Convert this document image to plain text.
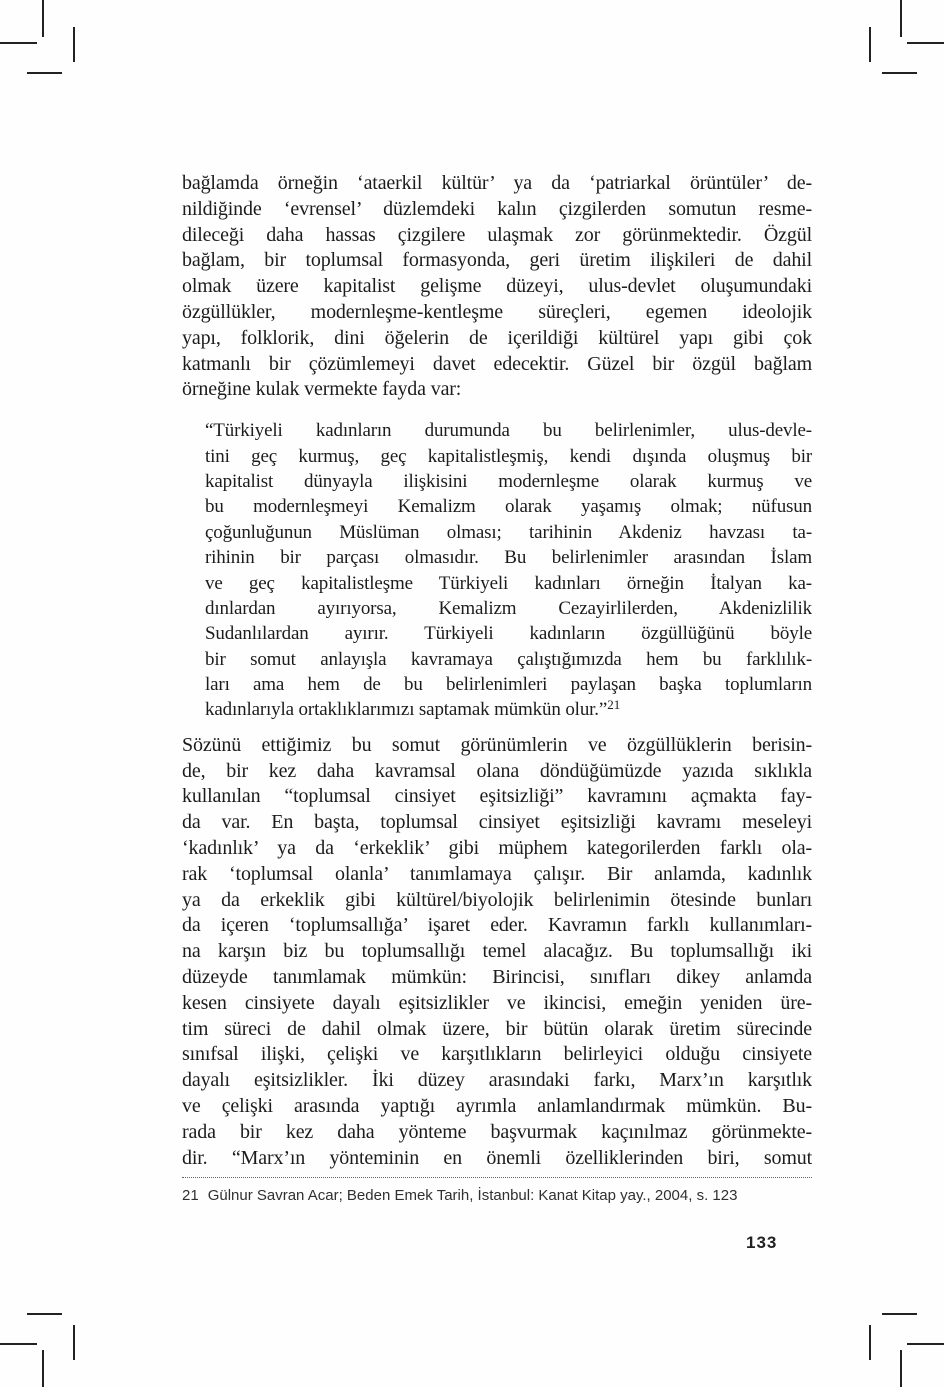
bağlamda örneğin ‘ataerkil kültür’ ya da ‘patriarkal örüntüler’ de-
nildiğinde ‘evrensel’ düzlemdeki kalın çizgilerden somutun resme-
dileceği daha hassas çizgilere ulaşmak zor görünmektedir. Özgül
bağlam, bir toplumsal formasyonda, geri üretim ilişkileri de dahil
olmak üzere kapitalist gelişme düzeyi, ulus-devlet oluşumundaki
özgüllükler, modernleşme-kentleşme süreçleri, egemen ideolojik
yapı, folklorik, dini öğelerin de içerildiği kültürel yapı gibi çok
katmanlı bir çözümlemeyi davet edecektir. Güzel bir özgül bağlam
örneğine kulak vermekte fayda var:
“Türkiyeli kadınların durumunda bu belirlenimler, ulus-devle-
tini geç kurmuş, geç kapitalistleşmiş, kendi dışında oluşmuş bir
kapitalist dünyayla ilişkisini modernleşme olarak kurmuş ve
bu modernleşmeyi Kemalizm olarak yaşamış olmak; nüfusun
çoğunluğunun Müslüman olması; tarihinin Akdeniz havzası ta-
rihinin bir parçası olmasıdır. Bu belirlenimler arasından İslam
ve geç kapitalistleşme Türkiyeli kadınları örneğin İtalyan ka-
dınlardan ayırıyorsa, Kemalizm Cezayirlilerden, Akdenizlilik
Sudanlılardan ayırır. Türkiyeli kadınların özgüllüğünü böyle
bir somut anlayışla kavramaya çalıştığımızda hem bu farklılık-
ları ama hem de bu belirlenimleri paylaşan başka toplumların
kadınlarıyla ortaklıklarımızı saptamak mümkün olur.”$^{21}$
Sözünü ettiğimiz bu somut görünümlerin ve özgüllüklerin berisin-
de, bir kez daha kavramsal olana döndüğümüzde yazıda sıklıkla
kullanılan “toplumsal cinsiyet eşitsizliği” kavramını açmakta fay-
da var. En başta, toplumsal cinsiyet eşitsizliği kavramı meseleyi
‘kadınlık’ ya da ‘erkeklik’ gibi müphem kategorilerden farklı ola-
rak ‘toplumsal olanla’ tanımlamaya çalışır. Bir anlamda, kadınlık
ya da erkeklik gibi kültürel/biyolojik belirlenimin ötesinde bunları
da içeren ‘toplumsallığa’ işaret eder. Kavramın farklı kullanımları-
na karşın biz bu toplumsallığı temel alacağız. Bu toplumsallığı iki
düzeyde tanımlamak mümkün: Birincisi, sınıfları dikey anlamda
kesen cinsiyete dayalı eşitsizlikler ve ikincisi, emeğin yeniden üre-
tim süreci de dahil olmak üzere, bir bütün olarak üretim sürecinde
sınıfsal ilişki, çelişki ve karşıtlıkların belirleyici olduğu cinsiyete
dayalı eşitsizlikler. İki düzey arasındaki farkı, Marx’ın karşıtlık
ve çelişki arasında yaptığı ayrımla anlamlandırmak mümkün. Bu-
rada bir kez daha yönteme başvurmak kaçınılmaz görünmekte-
dir. “Marx’ın yönteminin en önemli özelliklerinden biri, somut
21 Gülnur Savran Acar; Beden Emek Tarih, İstanbul: Kanat Kitap yay., 2004, s. 123
133
